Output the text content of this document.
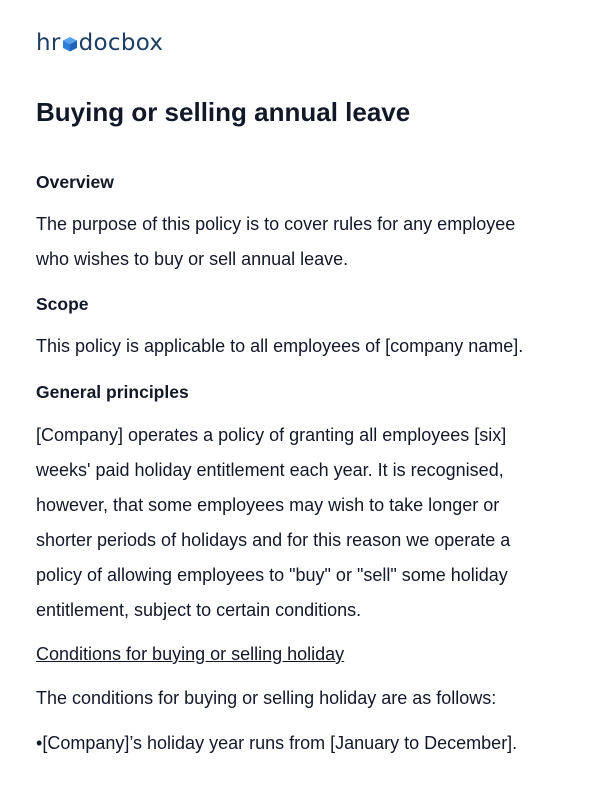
hr docbox
Buying or selling annual leave
Overview

The purpose of this policy is to cover rules for any employee
who wishes to buy or sell annual leave.

Scope

This policy is applicable to all employees of [company name].

General principles

[Company] operates a policy of granting all employees [six]
weeks' paid holiday entitlement each year. It is recognised,
however, that some employees may wish to take longer or
shorter periods of holidays and for this reason we operate a
policy of allowing employees to "buy" or "sell" some holiday
entitlement, subject to certain conditions.

Conditions for buying or selling holiday

The conditions for buying or selling holiday are as follows:

•[Company]’s holiday year runs from [January to December].
